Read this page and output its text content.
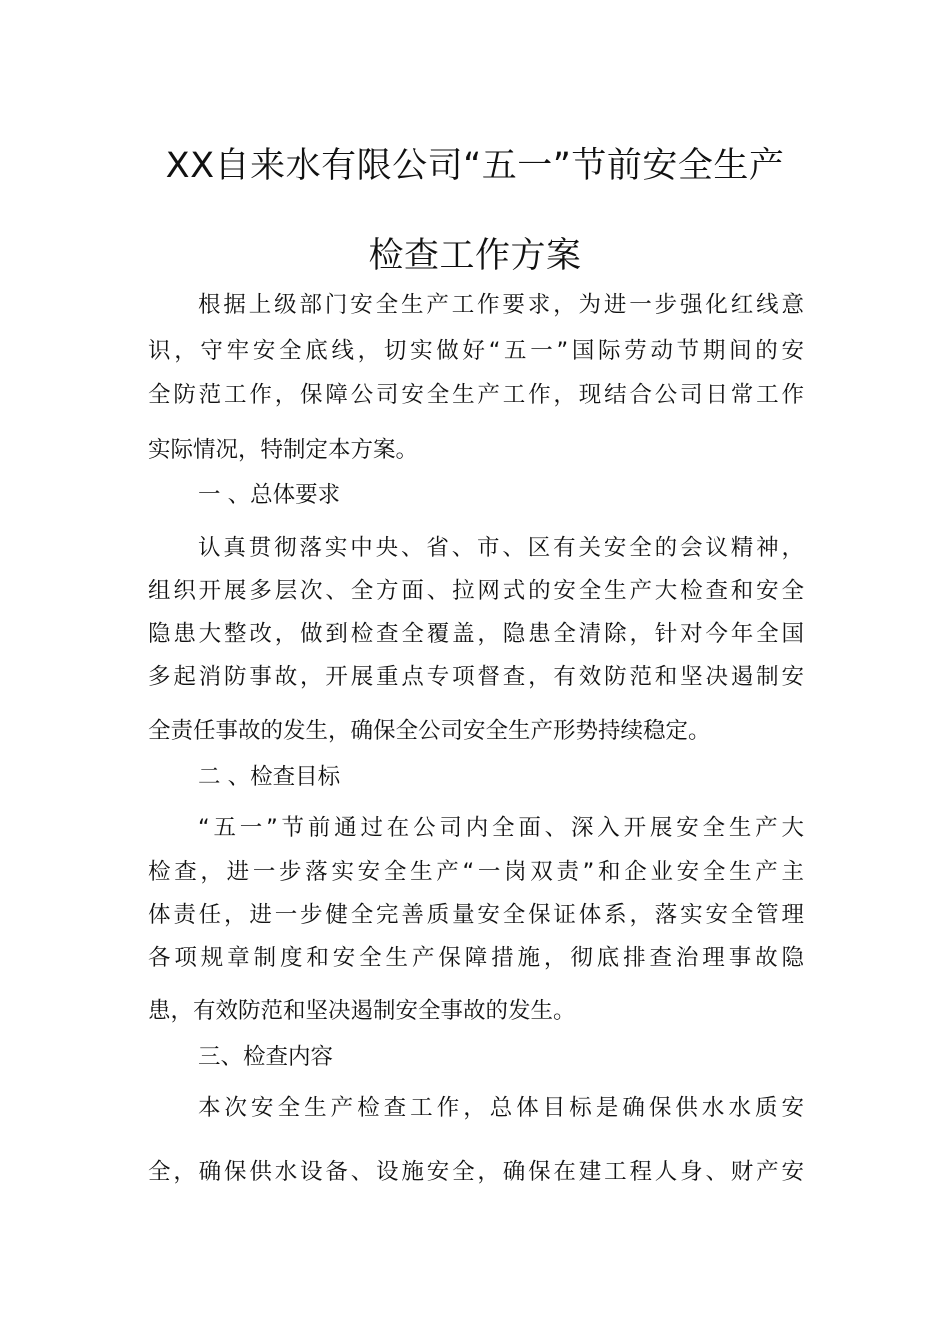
XX自来水有限公司“五一”节前安全生产
检查工作方案
根据上级部门安全生产工作要求，为进一步强化红线意
识，守牢安全底线，切实做好“五一”国际劳动节期间的安
全防范工作，保障公司安全生产工作，现结合公司日常工作
实际情况，特制定本方案。
一 、总体要求
认真贯彻落实中央、省、市、区有关安全的会议精神，
组织开展多层次、全方面、拉网式的安全生产大检查和安全
隐患大整改，做到检查全覆盖，隐患全清除，针对今年全国
多起消防事故，开展重点专项督查，有效防范和坚决遏制安
全责任事故的发生，确保全公司安全生产形势持续稳定。
二 、检查目标
“五一”节前通过在公司内全面、深入开展安全生产大
检查，进一步落实安全生产“一岗双责”和企业安全生产主
体责任，进一步健全完善质量安全保证体系，落实安全管理
各项规章制度和安全生产保障措施，彻底排查治理事故隐
患，有效防范和坚决遏制安全事故的发生。
三、检查内容
本次安全生产检查工作，总体目标是确保供水水质安
全，确保供水设备、设施安全，确保在建工程人身、财产安
